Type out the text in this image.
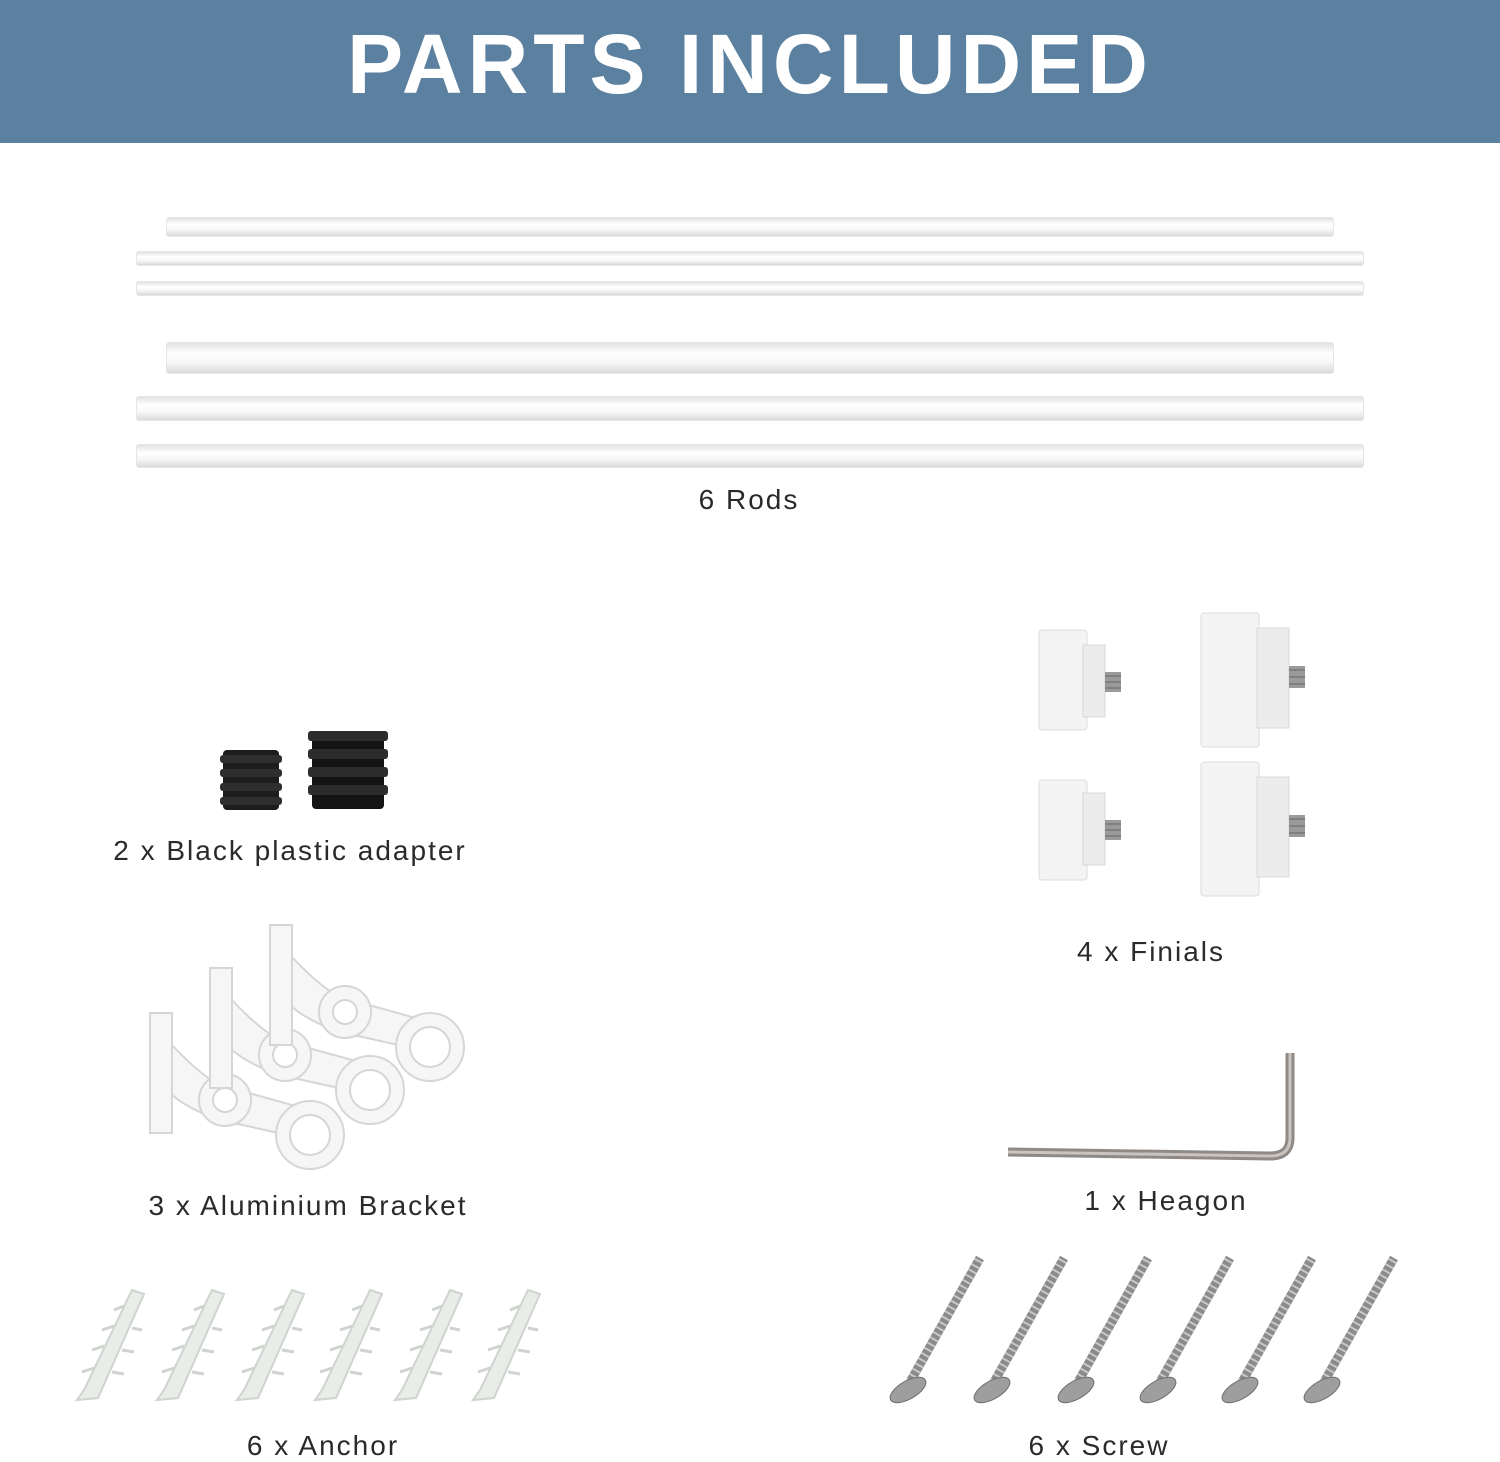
PARTS INCLUDED
6 Rods
2 x Black plastic adapter
4 x Finials
3 x Aluminium Bracket	1 x Heagon
6 x Anchor	6 x Screw
